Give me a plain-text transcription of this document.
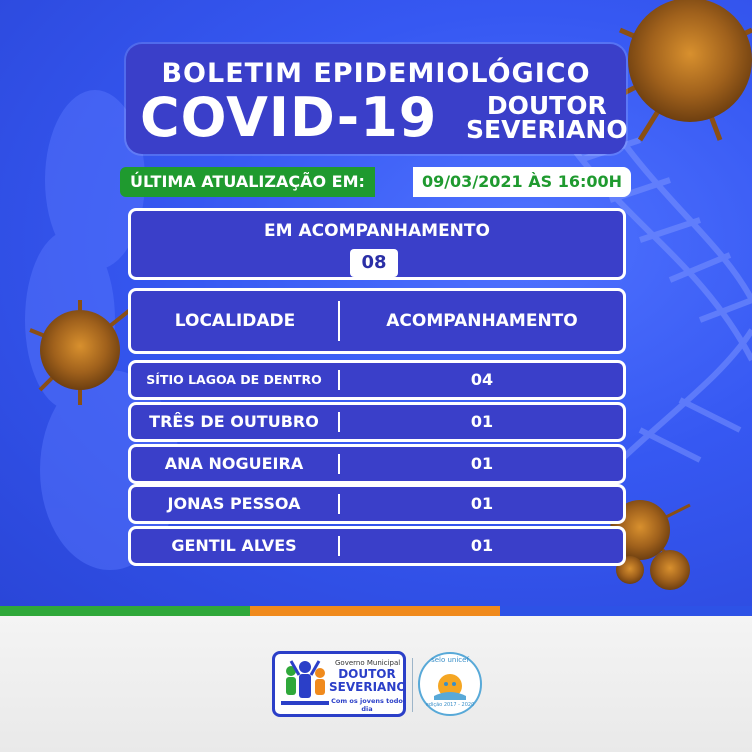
BOLETIM EPIDEMIOLÓGICO
COVID-19	DOUTOR
SEVERIANO
ÚLTIMA ATUALIZAÇÃO EM:	09/03/2021 ÀS 16:00H
EM ACOMPANHAMENTO
08
LOCALIDADE	ACOMPANHAMENTO
SÍTIO LAGOA DE DENTRO	04
TRÊS DE OUTUBRO	01
ANA NOGUEIRA	01
JONAS PESSOA	01
GENTIL ALVES	01
Governo Municipal
DOUTOR
SEVERIANO
Com os jovens todo dia
selo unicef
edição 2017 - 2020
